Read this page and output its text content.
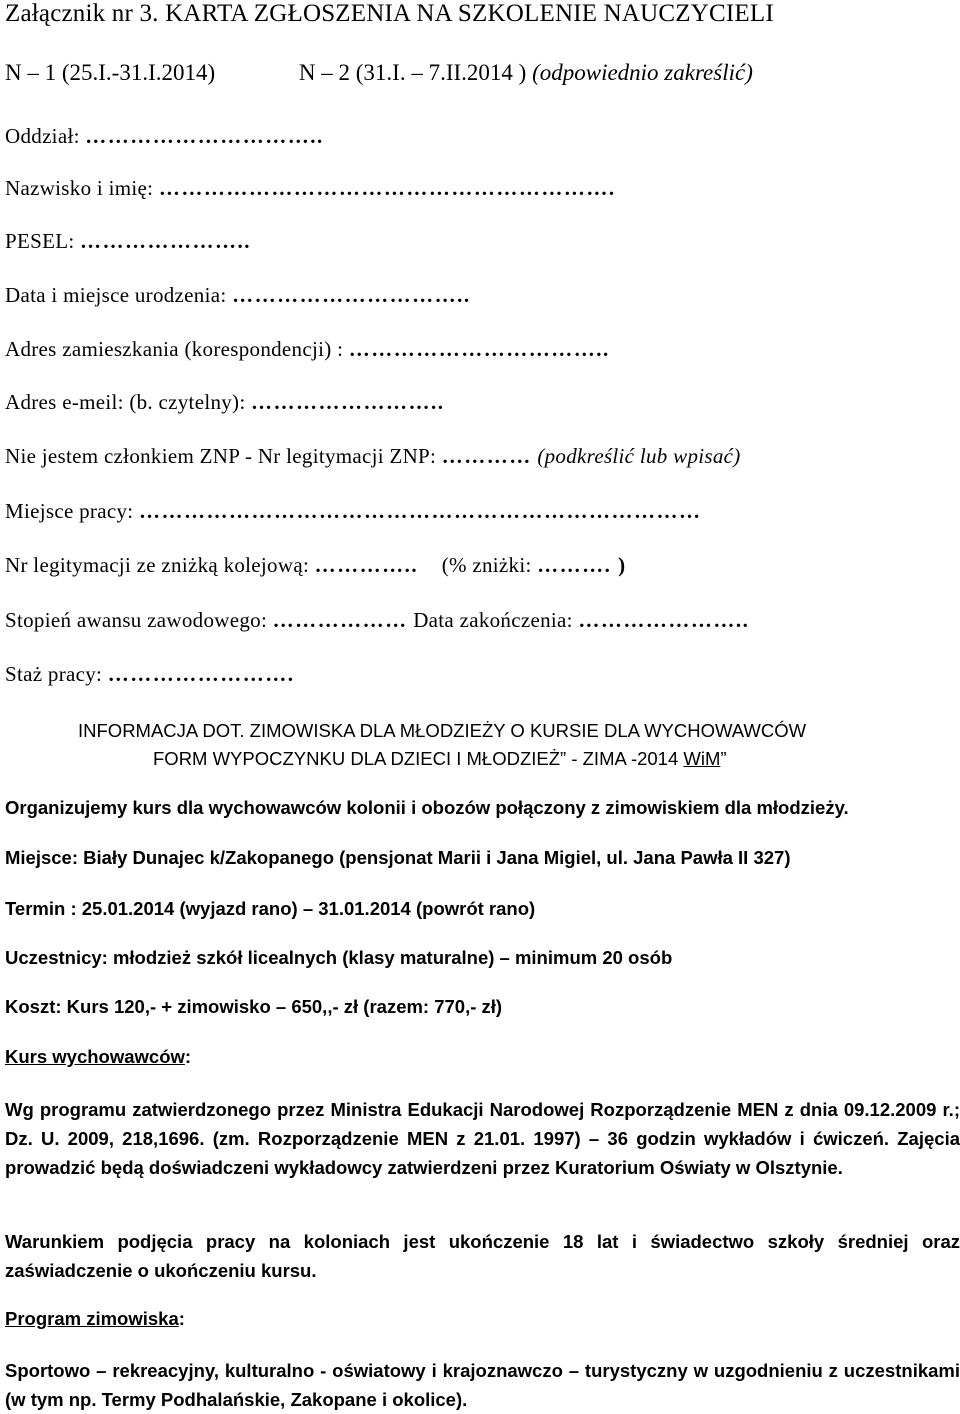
Załącznik nr 3. KARTA ZGŁOSZENIA NA SZKOLENIE NAUCZYCIELI
N – 1 (25.I.-31.I.2014)	N – 2 (31.I. – 7.II.2014 ) (odpowiednio zakreślić)
Oddział: …………………………..
Nazwisko i imię: …………………………………………………….
PESEL: …………………..
Data i miejsce urodzenia: …………………………..
Adres zamieszkania (korespondencji) : ……………………………..
Adres e-meil: (b. czytelny): ……………………..
Nie jestem członkiem ZNP - Nr legitymacji ZNP: ………… (podkreślić lub wpisać)
Miejsce pracy: …………………………………………………………………
Nr legitymacji ze zniżką kolejową: ………….. (% zniżki: ………. )
Stopień awansu zawodowego: ……………… Data zakończenia: …………………..
Staż pracy: …………………….
INFORMACJA DOT. ZIMOWISKA DLA MŁODZIEŻY O KURSIE DLA WYCHOWAWCÓW
FORM WYPOCZYNKU DLA DZIECI I MŁODZIEŻ” - ZIMA -2014 WiM”
Organizujemy kurs dla wychowawców kolonii i obozów połączony z zimowiskiem dla młodzieży.
Miejsce: Biały Dunajec k/Zakopanego (pensjonat Marii i Jana Migiel, ul. Jana Pawła II 327)
Termin : 25.01.2014 (wyjazd rano) – 31.01.2014 (powrót rano)
Uczestnicy: młodzież szkół licealnych (klasy maturalne) – minimum 20 osób
Koszt: Kurs 120,- + zimowisko – 650,,- zł (razem: 770,- zł)
Kurs wychowawców:
Wg programu zatwierdzonego przez Ministra Edukacji Narodowej Rozporządzenie MEN z dnia 09.12.2009 r.; Dz. U. 2009, 218,1696. (zm. Rozporządzenie MEN z 21.01. 1997) – 36 godzin wykładów i ćwiczeń. Zajęcia prowadzić będą doświadczeni wykładowcy zatwierdzeni przez Kuratorium Oświaty w Olsztynie.
Warunkiem podjęcia pracy na koloniach jest ukończenie 18 lat i świadectwo szkoły średniej oraz zaświadczenie o ukończeniu kursu.
Program zimowiska:
Sportowo – rekreacyjny, kulturalno - oświatowy i krajoznawczo – turystyczny w uzgodnieniu z uczestnikami (w tym np. Termy Podhalańskie, Zakopane i okolice).
